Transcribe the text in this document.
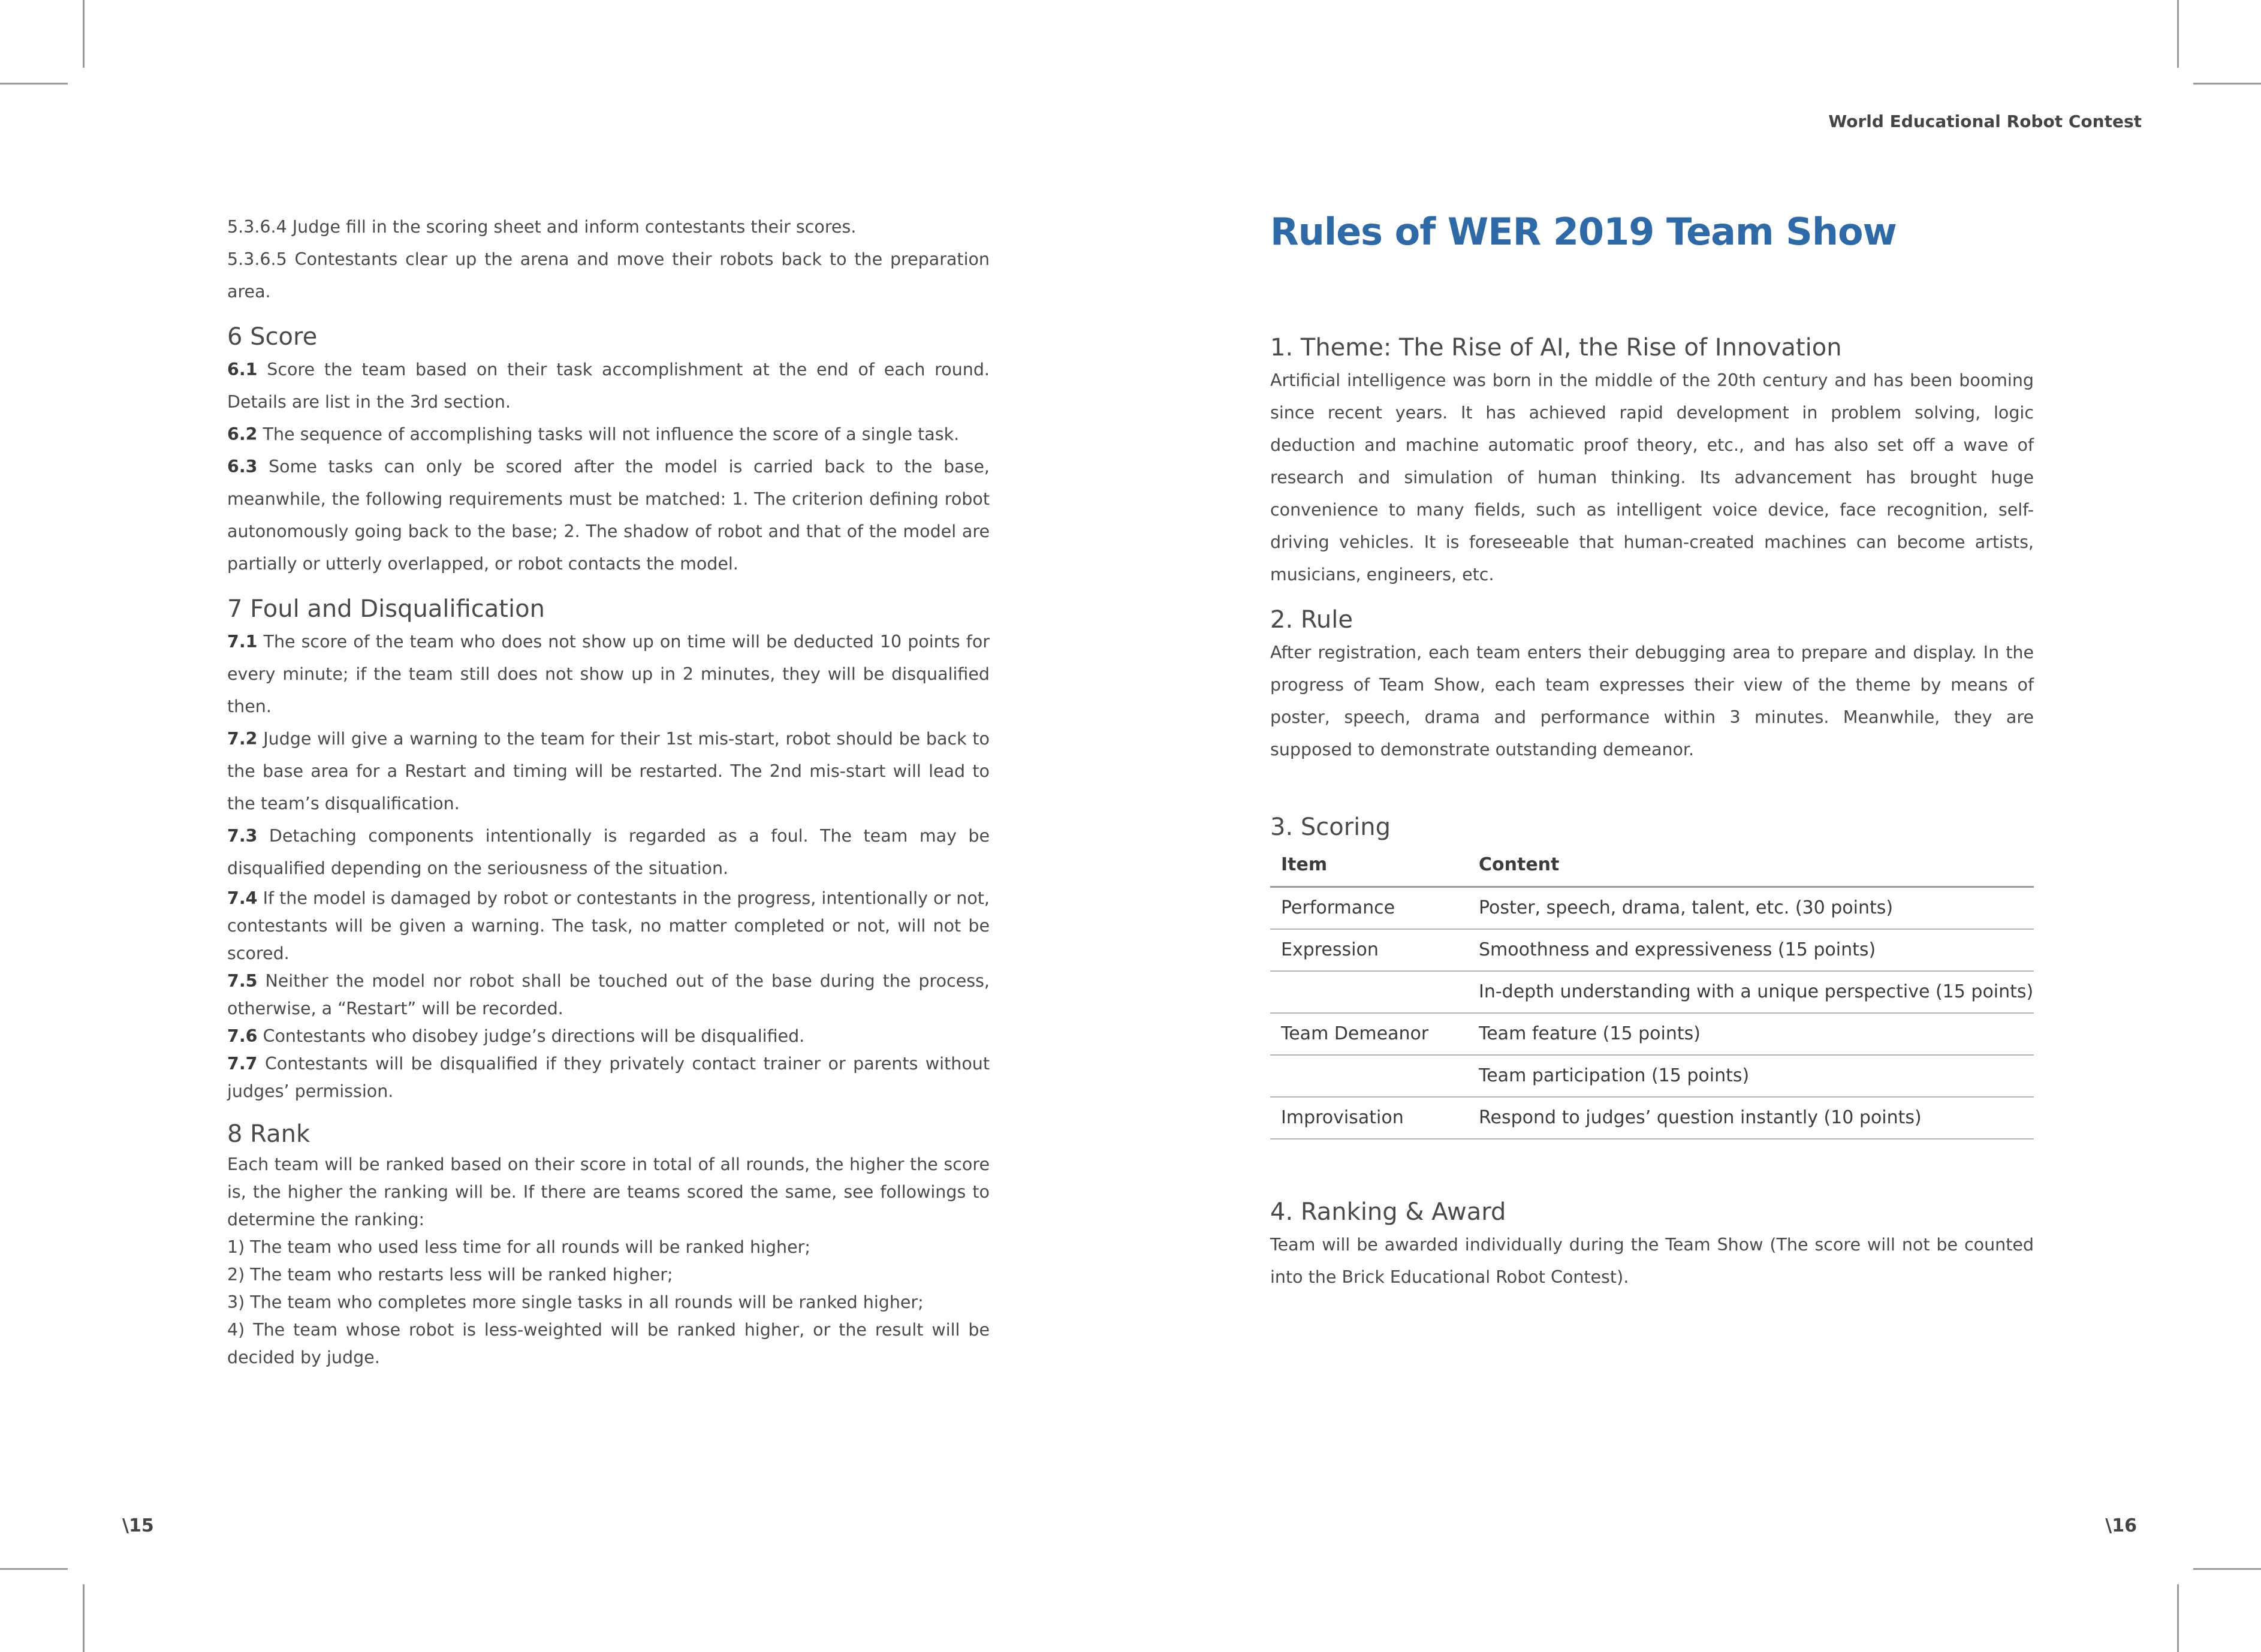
5.3.6.4 Judge fill in the scoring sheet and inform contestants their scores.

5.3.6.5 Contestants clear up the arena and move their robots back to the preparation area.

6 Score

6.1 Score the team based on their task accomplishment at the end of each round. Details are list in the 3rd section.

6.2 The sequence of accomplishing tasks will not influence the score of a single task.

6.3 Some tasks can only be scored after the model is carried back to the base, meanwhile, the following requirements must be matched: 1. The criterion defining robot autonomously going back to the base; 2. The shadow of robot and that of the model are partially or utterly overlapped, or robot contacts the model.

7 Foul and Disqualification

7.1 The score of the team who does not show up on time will be deducted 10 points for every minute; if the team still does not show up in 2 minutes, they will be disqualified then.

7.2 Judge will give a warning to the team for their 1st mis-start, robot should be back to the base area for a Restart and timing will be restarted. The 2nd mis-start will lead to the team’s disqualification.

7.3 Detaching components intentionally is regarded as a foul. The team may be disqualified depending on the seriousness of the situation.

7.4 If the model is damaged by robot or contestants in the progress, intentionally or not, contestants will be given a warning. The task, no matter completed or not, will not be scored.

7.5 Neither the model nor robot shall be touched out of the base during the process, otherwise, a “Restart” will be recorded.

7.6 Contestants who disobey judge’s directions will be disqualified.

7.7 Contestants will be disqualified if they privately contact trainer or parents without judges’ permission.

8 Rank

Each team will be ranked based on their score in total of all rounds, the higher the score is, the higher the ranking will be. If there are teams scored the same, see followings to determine the ranking:

1) The team who used less time for all rounds will be ranked higher;

2) The team who restarts less will be ranked higher;

3) The team who completes more single tasks in all rounds will be ranked higher;

4) The team whose robot is less-weighted will be ranked higher, or the result will be decided by judge.

\15
World Educational Robot Contest
Rules of WER 2019 Team Show
1. Theme: The Rise of AI, the Rise of Innovation

Artificial intelligence was born in the middle of the 20th century and has been booming since recent years. It has achieved rapid development in problem solving, logic deduction and machine automatic proof theory, etc., and has also set off a wave of research and simulation of human thinking. Its advancement has brought huge convenience to many fields, such as intelligent voice device, face recognition, self-driving vehicles. It is foreseeable that human-created machines can become artists, musicians, engineers, etc.

2. Rule

After registration, each team enters their debugging area to prepare and display. In the progress of Team Show, each team expresses their view of the theme by means of poster, speech, drama and performance within 3 minutes. Meanwhile, they are supposed to demonstrate outstanding demeanor.

3. Scoring
Item	Content
Performance	Poster, speech, drama, talent, etc. (30 points)
Expression	Smoothness and expressiveness (15 points)
	In-depth understanding with a unique perspective (15 points)
Team Demeanor	Team feature (15 points)
	Team participation (15 points)
Improvisation	Respond to judges’ question instantly (10 points)
4. Ranking & Award

Team will be awarded individually during the Team Show (The score will not be counted into the Brick Educational Robot Contest).

\16
